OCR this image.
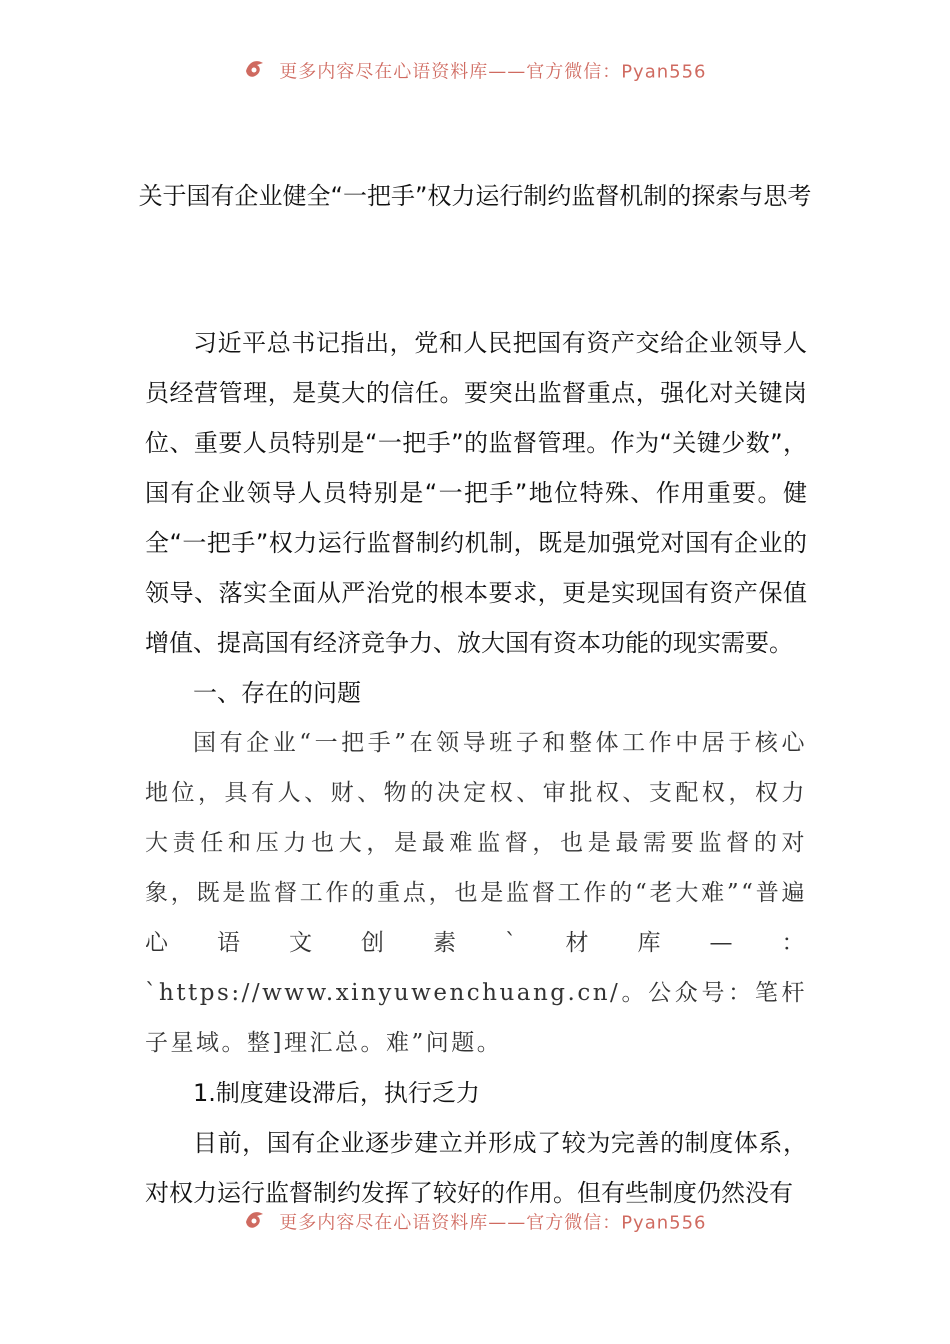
更多内容尽在心语资料库——官方微信：Pyan556
关于国有企业健全“一把手”权力运行制约监督机制的探索与思考

习近平总书记指出，党和人民把国有资产交给企业领导人员经营管理，是莫大的信任。要突出监督重点，强化对关键岗位、重要人员特别是“一把手”的监督管理。作为“关键少数”，国有企业领导人员特别是“一把手”地位特殊、作用重要。健全“一把手”权力运行监督制约机制，既是加强党对国有企业的领导、落实全面从严治党的根本要求，更是实现国有资产保值增值、提高国有经济竞争力、放大国有资本功能的现实需要。

一、存在的问题

国有企业“一把手”在领导班子和整体工作中居于核心地位，具有人、财、物的决定权、审批权、支配权，权力大责任和压力也大，是最难监督，也是最需要监督的对象，既是监督工作的重点，也是监督工作的“老大难”“普遍心语文创素`材库—：`https://www.xinyuwenchuang.cn/。公众号：笔杆子星域。整]理汇总。难”问题。

1.制度建设滞后，执行乏力

目前，国有企业逐步建立并形成了较为完善的制度体系，对权力运行监督制约发挥了较好的作用。但有些制度仍然没有

更多内容尽在心语资料库——官方微信：Pyan556
